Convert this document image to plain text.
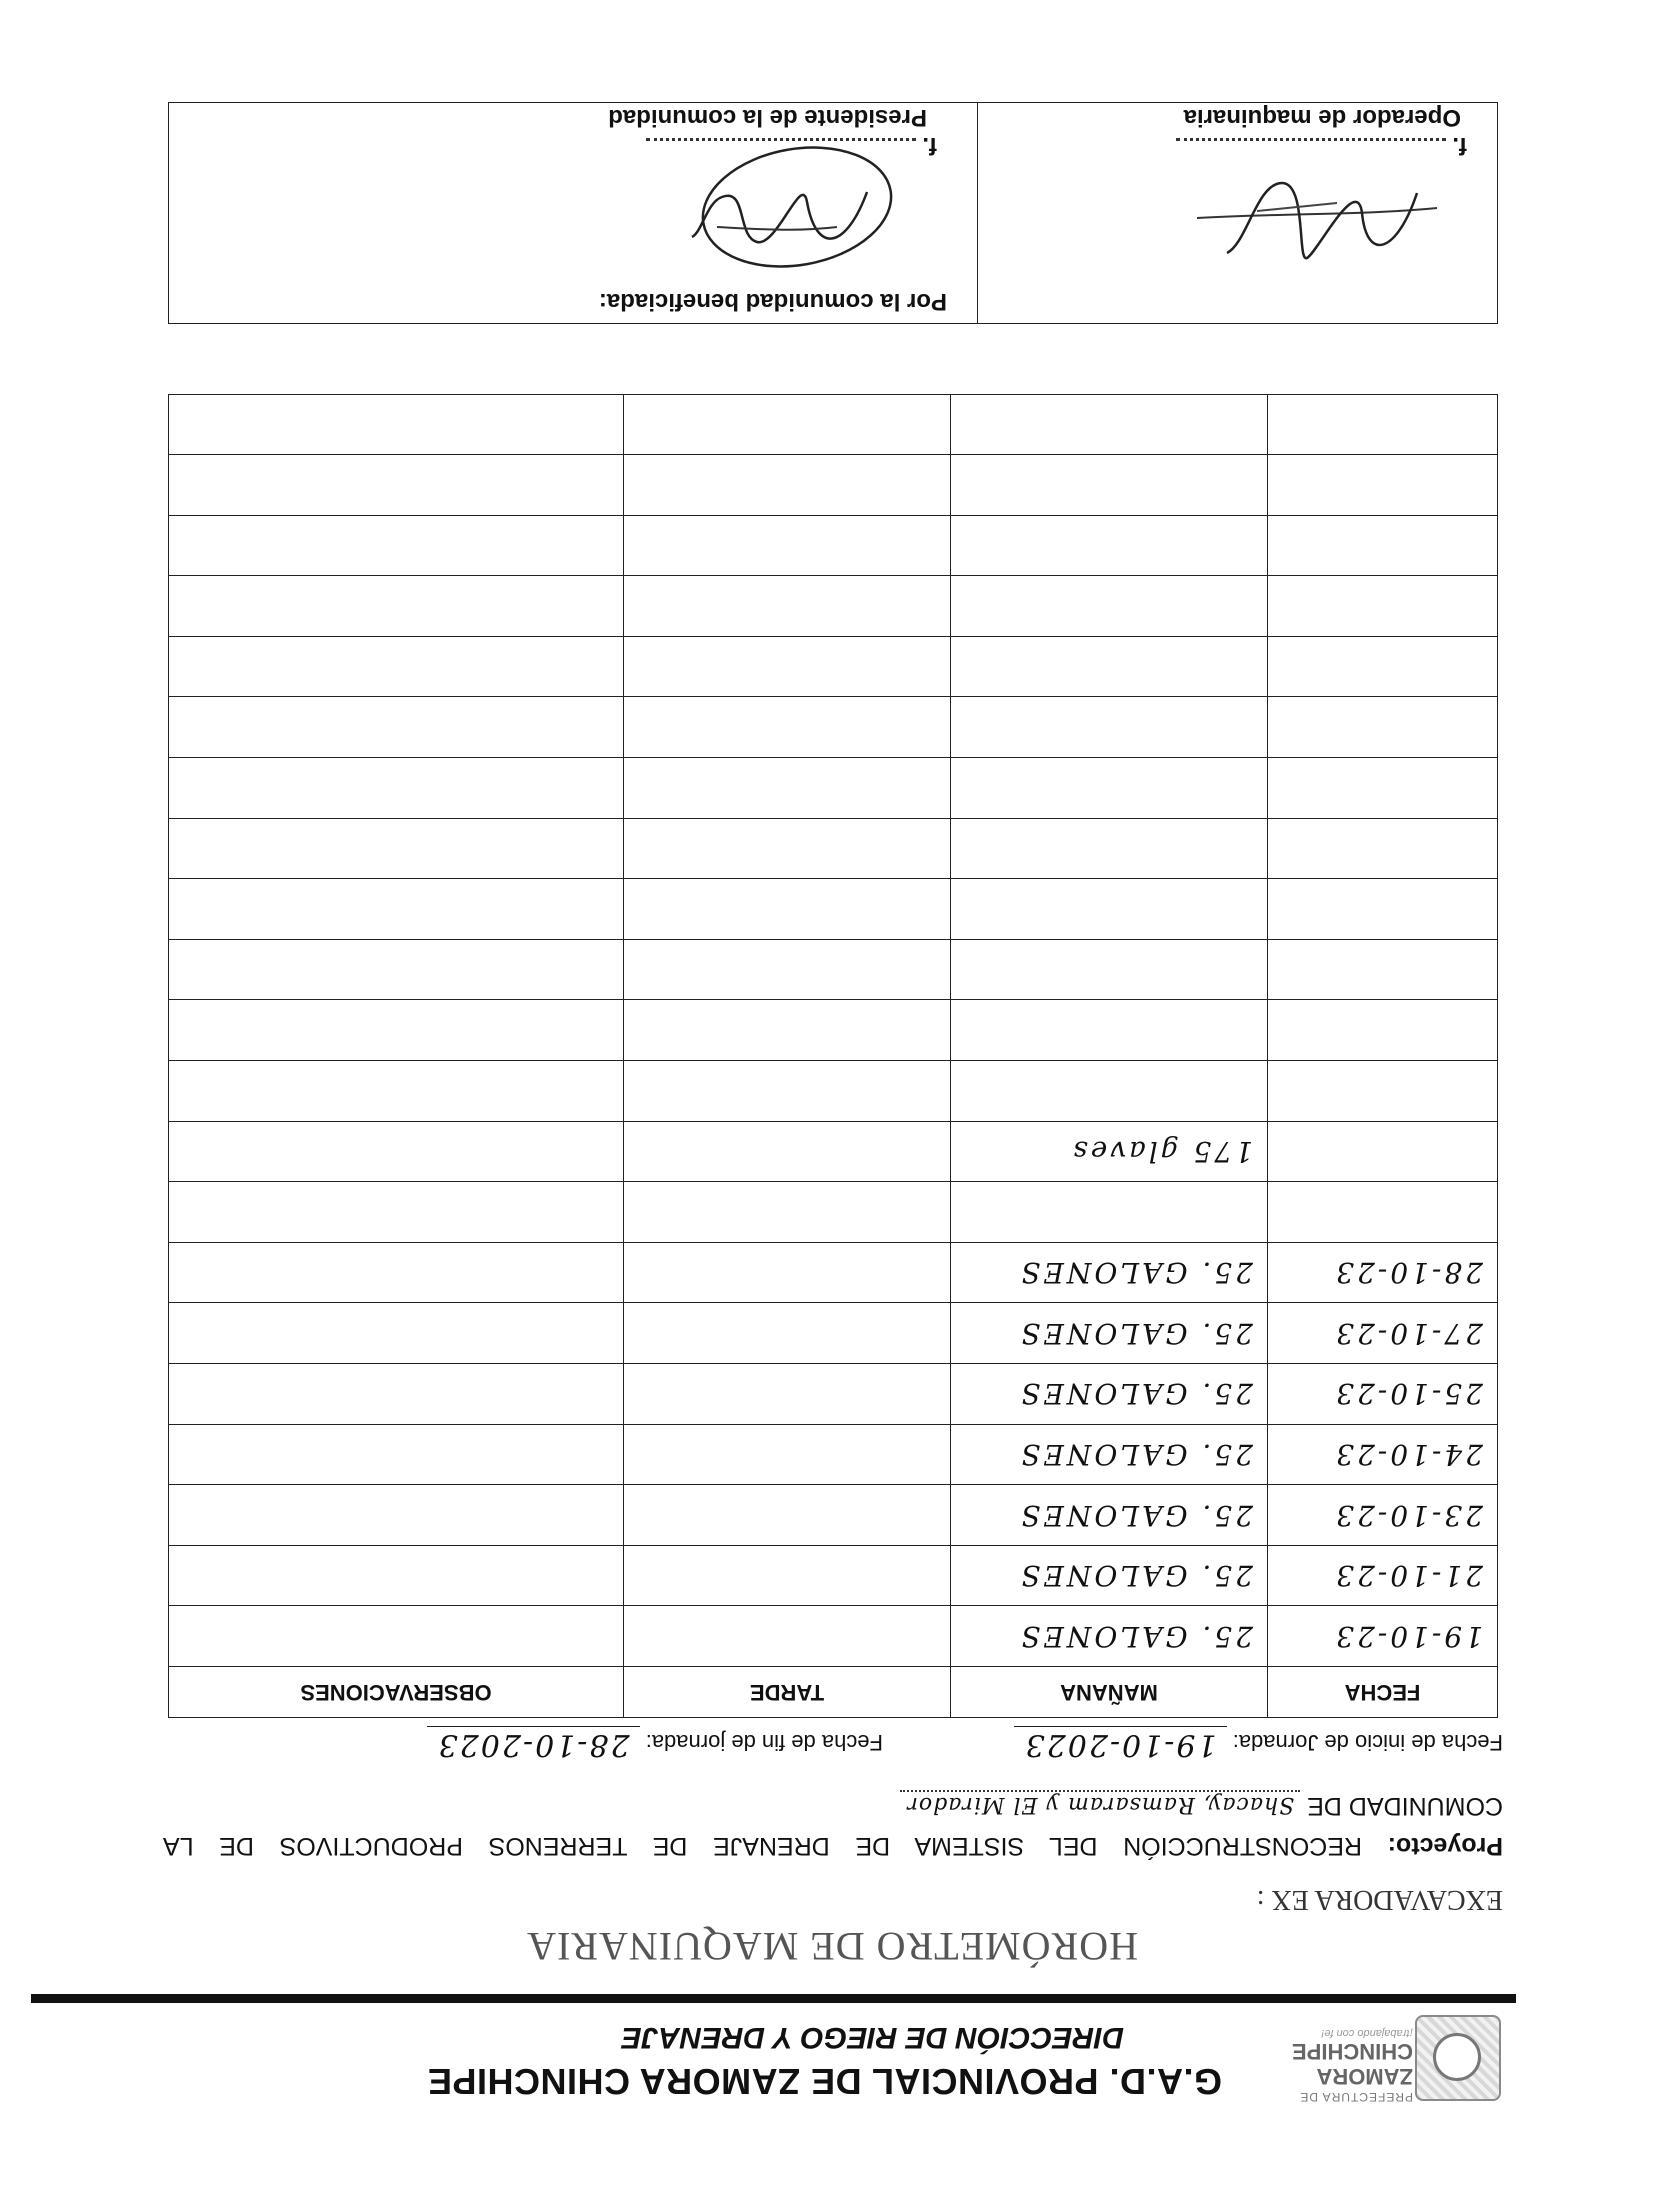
PREFECTURA DE
ZAMORA
CHINCHIPE
¡trabajando con fe!
G.A.D. PROVINCIAL DE ZAMORA CHINCHIPE
DIRECCIÓN DE RIEGO Y DRENAJE
HORÓMETRO DE MAQUINARIA
EXCAVADORA EX :
Proyecto: RECONSTRUCCIÓN DEL SISTEMA DE DRENAJE DE TERRENOS PRODUCTIVOS DE LA
COMUNIDAD DE Shacay, Ramsaram y El Mirador
Fecha de inicio de Jornada: 19-10-2023
Fecha de fin de jornada: 28-10-2023
FECHA	MAÑANA	TARDE	OBSERVACIONES
19-10-23	25. GALONES		
21-10-23	25. GALONES		
23-10-23	25. GALONES		
24-10-23	25. GALONES		
25-10-23	25. GALONES		
27-10-23	25. GALONES		
28-10-23	25. GALONES		

	175 glaves		

f.
Operador de maquinaria

Por la comunidad beneficiada:
f.
Presidente de la comunidad
